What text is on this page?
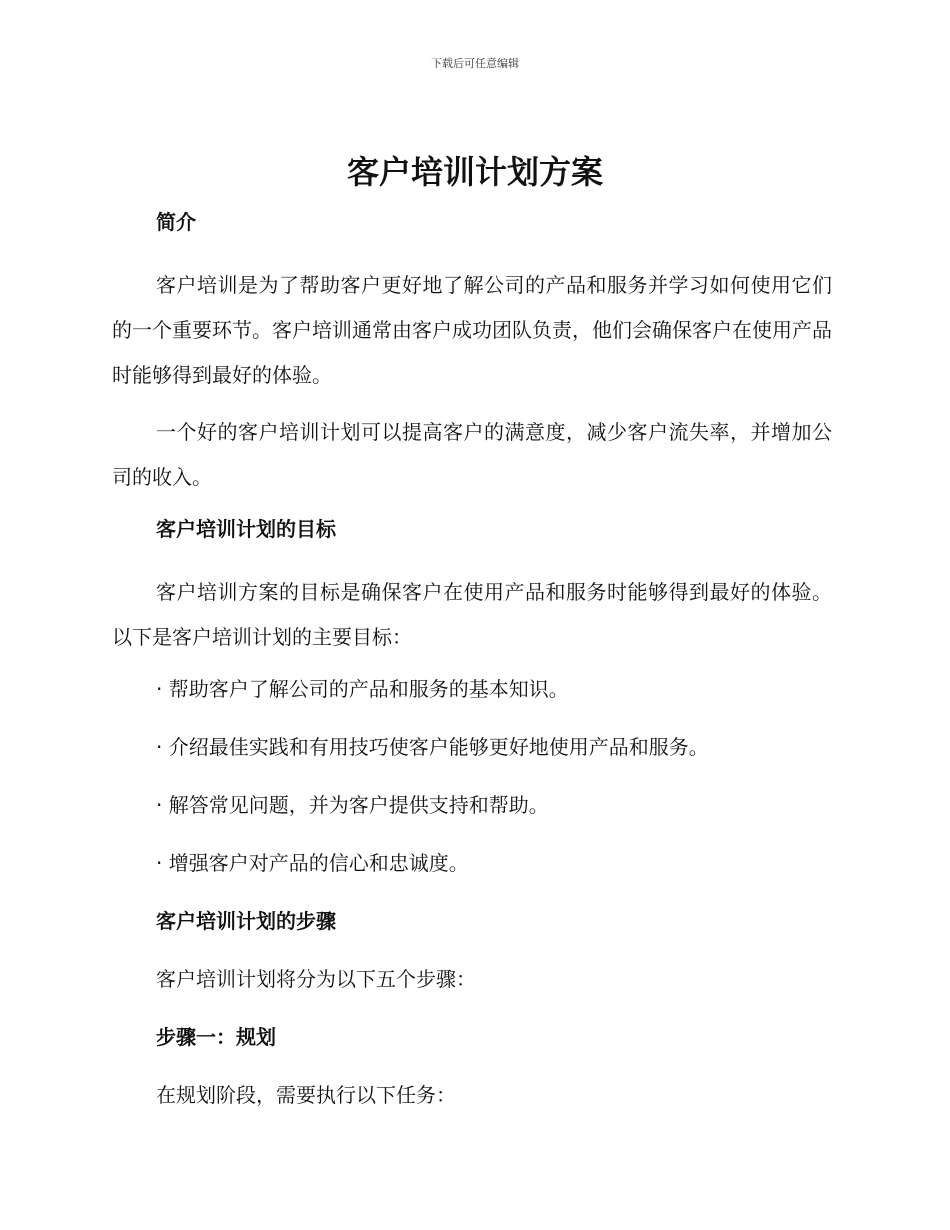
下载后可任意编辑
客户培训计划方案
简介

客户培训是为了帮助客户更好地了解公司的产品和服务并学习如何使用它们的一个重要环节。客户培训通常由客户成功团队负责，他们会确保客户在使用产品时能够得到最好的体验。

一个好的客户培训计划可以提高客户的满意度，减少客户流失率，并增加公司的收入。

客户培训计划的目标

客户培训方案的目标是确保客户在使用产品和服务时能够得到最好的体验。以下是客户培训计划的主要目标：

· 帮助客户了解公司的产品和服务的基本知识。
· 介绍最佳实践和有用技巧使客户能够更好地使用产品和服务。
· 解答常见问题，并为客户提供支持和帮助。
· 增强客户对产品的信心和忠诚度。
客户培训计划的步骤
客户培训计划将分为以下五个步骤：
步骤一：规划
在规划阶段，需要执行以下任务：
